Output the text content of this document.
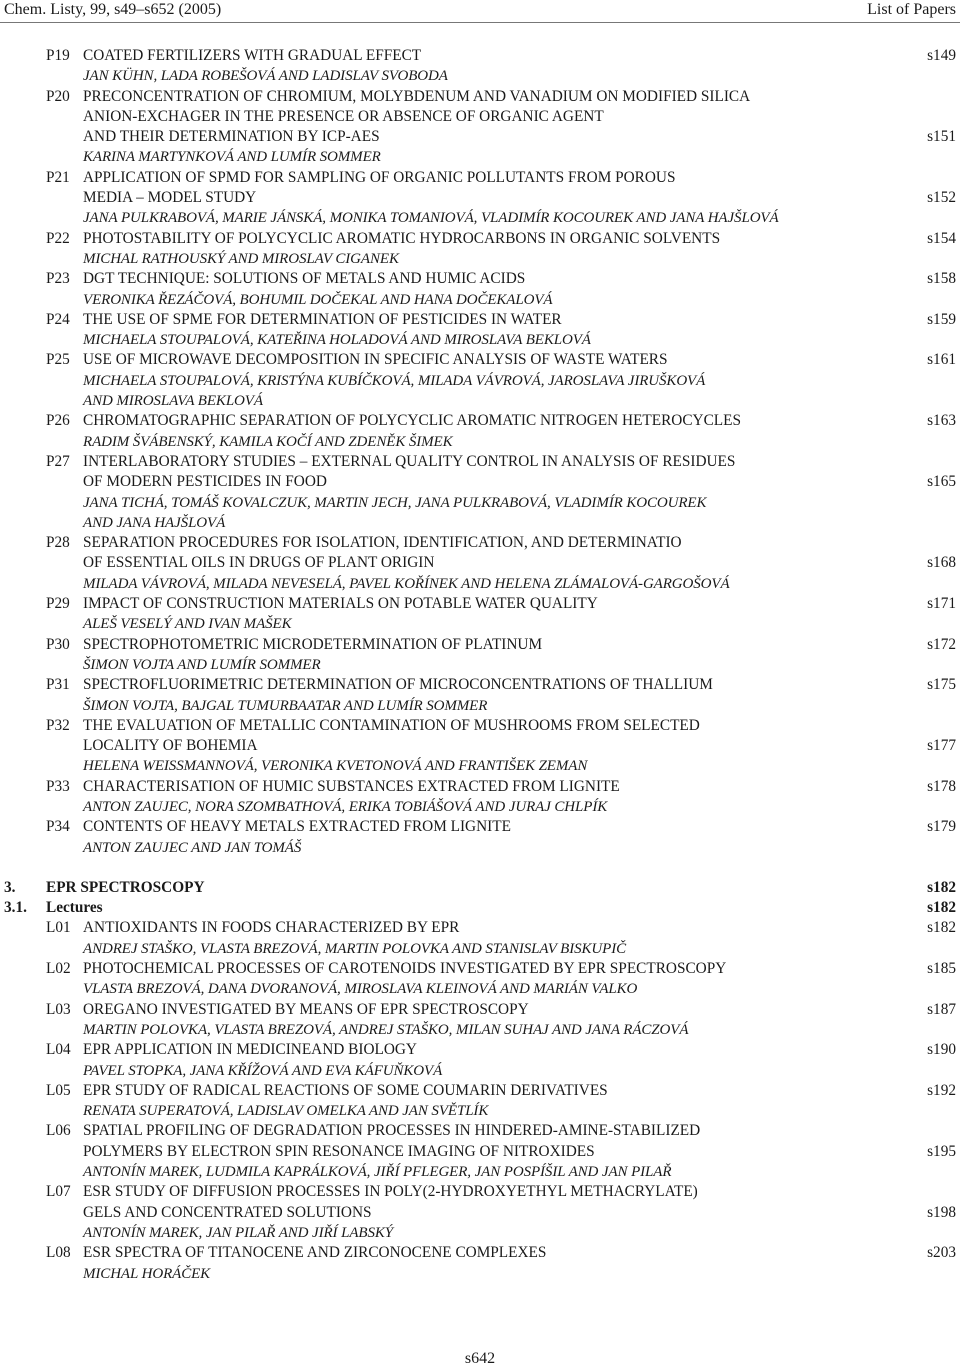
Chem. Listy, 99, s49–s652 (2005)	List of Papers
P19 COATED FERTILIZERS WITH GRADUAL EFFECT	s149
JAN KÜHN, LADA ROBEŠOVÁ AND LADISLAV SVOBODA
P20 PRECONCENTRATION OF CHROMIUM, MOLYBDENUM AND VANADIUM ON MODIFIED SILICA
ANION-EXCHAGER IN THE PRESENCE OR ABSENCE OF ORGANIC AGENT
AND THEIR DETERMINATION BY ICP-AES	s151
KARINA MARTYNKOVÁ AND LUMÍR SOMMER
P21 APPLICATION OF SPMD FOR SAMPLING OF ORGANIC POLLUTANTS FROM POROUS
MEDIA – MODEL STUDY	s152
JANA PULKRABOVÁ, MARIE JÁNSKÁ, MONIKA TOMANIOVÁ, VLADIMÍR KOCOUREK AND JANA HAJŠLOVÁ
P22 PHOTOSTABILITY OF POLYCYCLIC AROMATIC HYDROCARBONS IN ORGANIC SOLVENTS	s154
MICHAL RATHOUSKÝ AND MIROSLAV CIGANEK
P23 DGT TECHNIQUE: SOLUTIONS OF METALS AND HUMIC ACIDS	s158
VERONIKA ŘEZÁČOVÁ, BOHUMIL DOČEKAL AND HANA DOČEKALOVÁ
P24 THE USE OF SPME FOR DETERMINATION OF PESTICIDES IN WATER	s159
MICHAELA STOUPALOVÁ, KATEŘINA HOLADOVÁ AND MIROSLAVA BEKLOVÁ
P25 USE OF MICROWAVE DECOMPOSITION IN SPECIFIC ANALYSIS OF WASTE WATERS	s161
MICHAELA STOUPALOVÁ, KRISTÝNA KUBÍČKOVÁ, MILADA VÁVROVÁ, JAROSLAVA JIRUŠKOVÁ
AND MIROSLAVA BEKLOVÁ
P26 CHROMATOGRAPHIC SEPARATION OF POLYCYCLIC AROMATIC NITROGEN HETEROCYCLES	s163
RADIM ŠVÁBENSKÝ, KAMILA KOČÍ AND ZDENĚK ŠIMEK
P27 INTERLABORATORY STUDIES – EXTERNAL QUALITY CONTROL IN ANALYSIS OF RESIDUES
OF MODERN PESTICIDES IN FOOD	s165
JANA TICHÁ, TOMÁŠ KOVALCZUK, MARTIN JECH, JANA PULKRABOVÁ, VLADIMÍR KOCOUREK
AND JANA HAJŠLOVÁ
P28 SEPARATION PROCEDURES FOR ISOLATION, IDENTIFICATION, AND DETERMINATIO
OF ESSENTIAL OILS IN DRUGS OF PLANT ORIGIN	s168
MILADA VÁVROVÁ, MILADA NEVESELÁ, PAVEL KOŘÍNEK AND HELENA ZLÁMALOVÁ-GARGOŠOVÁ
P29 IMPACT OF CONSTRUCTION MATERIALS ON POTABLE WATER QUALITY	s171
ALEŠ VESELÝ AND IVAN MAŠEK
P30 SPECTROPHOTOMETRIC MICRODETERMINATION OF PLATINUM	s172
ŠIMON VOJTA AND LUMÍR SOMMER
P31 SPECTROFLUORIMETRIC DETERMINATION OF MICROCONCENTRATIONS OF THALLIUM	s175
ŠIMON VOJTA, BAJGAL TUMURBAATAR AND LUMÍR SOMMER
P32 THE EVALUATION OF METALLIC CONTAMINATION OF MUSHROOMS FROM SELECTED
LOCALITY OF BOHEMIA	s177
HELENA WEISSMANNOVÁ, VERONIKA KVETONOVÁ AND FRANTIŠEK ZEMAN
P33 CHARACTERISATION OF HUMIC SUBSTANCES EXTRACTED FROM LIGNITE	s178
ANTON ZAUJEC, NORA SZOMBATHOVÁ, ERIKA TOBIÁŠOVÁ AND JURAJ CHLPÍK
P34 CONTENTS OF HEAVY METALS EXTRACTED FROM LIGNITE	s179
ANTON ZAUJEC AND JAN TOMÁŠ
3. EPR SPECTROSCOPY	s182
3.1. Lectures	s182
L01 ANTIOXIDANTS IN FOODS CHARACTERIZED BY EPR	s182
ANDREJ STAŠKO, VLASTA BREZOVÁ, MARTIN POLOVKA AND STANISLAV BISKUPIČ
L02 PHOTOCHEMICAL PROCESSES OF CAROTENOIDS INVESTIGATED BY EPR SPECTROSCOPY	s185
VLASTA BREZOVÁ, DANA DVORANOVÁ, MIROSLAVA KLEINOVÁ AND MARIÁN VALKO
L03 OREGANO INVESTIGATED BY MEANS OF EPR SPECTROSCOPY	s187
MARTIN POLOVKA, VLASTA BREZOVÁ, ANDREJ STAŠKO, MILAN SUHAJ AND JANA RÁCZOVÁ
L04 EPR APPLICATION IN MEDICINEAND BIOLOGY	s190
PAVEL STOPKA, JANA KŘÍŽOVÁ AND EVA KÁFUŇKOVÁ
L05 EPR STUDY OF RADICAL REACTIONS OF SOME COUMARIN DERIVATIVES	s192
RENATA SUPERATOVÁ, LADISLAV OMELKA AND JAN SVĚTLÍK
L06 SPATIAL PROFILING OF DEGRADATION PROCESSES IN HINDERED-AMINE-STABILIZED
POLYMERS BY ELECTRON SPIN RESONANCE IMAGING OF NITROXIDES	s195
ANTONÍN MAREK, LUDMILA KAPRÁLKOVÁ, JIŘÍ PFLEGER, JAN POSPÍŠIL AND JAN PILAŘ
L07 ESR STUDY OF DIFFUSION PROCESSES IN POLY(2-HYDROXYETHYL METHACRYLATE)
GELS AND CONCENTRATED SOLUTIONS	s198
ANTONÍN MAREK, JAN PILAŘ AND JIŘÍ LABSKÝ
L08 ESR SPECTRA OF TITANOCENE AND ZIRCONOCENE COMPLEXES	s203
MICHAL HORÁČEK
s642
